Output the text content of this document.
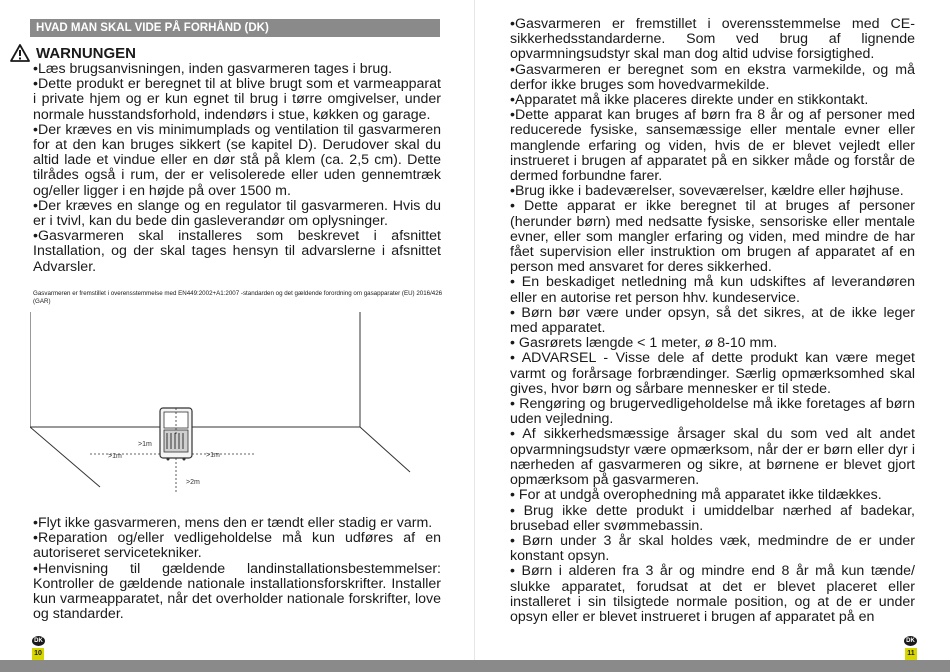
HVAD MAN SKAL VIDE PÅ FORHÅND (DK)
WARNUNGEN

•Læs brugsanvisningen, inden gasvarmeren tages i brug.

•Dette produkt er beregnet til at blive brugt som et varmeapparat i private hjem og er kun egnet til brug i tørre omgivelser, under normale husstandsforhold, indendørs i stue, køkken og garage.

•Der kræves en vis minimumplads og ventilation til gasvarmeren for at den kan bruges sikkert (se kapitel D). Derudover skal du altid lade et vindue eller en dør stå på klem (ca. 2,5 cm). Dette tilrådes også i rum, der er velisolerede eller uden gennemtræk og/eller ligger i en højde på over 1500 m.

•Der kræves en slange og en regulator til gasvarmeren. Hvis du er i tvivl, kan du bede din gasleverandør om oplysninger.

•Gasvarmeren skal installeres som beskrevet i afsnittet Installation, og der skal tages hensyn til advarslerne i afsnittet Advarsler.

Gasvarmeren er fremstillet i overensstemmelse med EN449:2002+A1:2007 -standarden og det gældende forordning om gasapparater (EU) 2016/426 (GAR)
>1m
>1m	>1m
>2m

•Flyt ikke gasvarmeren, mens den er tændt eller stadig er varm.

•Reparation og/eller vedligeholdelse må kun udføres af en autoriseret servicetekniker.

•Henvisning til gældende landinstallationsbestemmelser: Kontroller de gældende nationale installationsforskrifter. Installer kun varmeapparatet, når det overholder nationale forskrifter, love og standarder.

DK
10

•Gasvarmeren er fremstillet i overensstemmelse med CE-sikkerhedsstandarderne. Som ved brug af lignende opvarmningsudstyr skal man dog altid udvise forsigtighed.

•Gasvarmeren er beregnet som en ekstra varmekilde, og må derfor ikke bruges som hovedvarmekilde.

•Apparatet må ikke placeres direkte under en stikkontakt.

•Dette apparat kan bruges af børn fra 8 år og af personer med reducerede fysiske, sansemæssige eller mentale evner eller manglende erfaring og viden, hvis de er blevet vejledt eller instrueret i brugen af apparatet på en sikker måde og forstår de dermed forbundne farer.

•Brug ikke i badeværelser, soveværelser, kældre eller højhuse.

• Dette apparat er ikke beregnet til at bruges af personer (herunder børn) med nedsatte fysiske, sensoriske eller mentale evner, eller som mangler erfaring og viden, med mindre de har fået supervision eller instruktion om brugen af apparatet af en person med ansvaret for deres sikkerhed.

• En beskadiget netledning må kun udskiftes af leverandøren eller en autorise ret person hhv. kundeservice.

• Børn bør være under opsyn, så det sikres, at de ikke leger med apparatet.

• Gasrørets længde < 1 meter, ø 8-10 mm.

• ADVARSEL - Visse dele af dette produkt kan være meget varmt og forårsage forbrændinger. Særlig opmærksomhed skal gives, hvor børn og sårbare mennesker er til stede.

• Rengøring og brugervedligeholdelse må ikke foretages af børn uden vejledning.

• Af sikkerhedsmæssige årsager skal du som ved alt andet opvarmningsudstyr være opmærksom, når der er børn eller dyr i nærheden af gasvarmeren og sikre, at børnene er blevet gjort opmærksom på gasvarmeren.

• For at undgå overophedning må apparatet ikke tildækkes.

• Brug ikke dette produkt i umiddelbar nærhed af badekar, brusebad eller svømmebassin.

• Børn under 3 år skal holdes væk, medmindre de er under konstant opsyn.

• Børn i alderen fra 3 år og mindre end 8 år må kun tænde/ slukke apparatet, forudsat at det er blevet placeret eller installeret i sin tilsigtede normale position, og at de er under opsyn eller er blevet instrueret i brugen af apparatet på en

DK
11
